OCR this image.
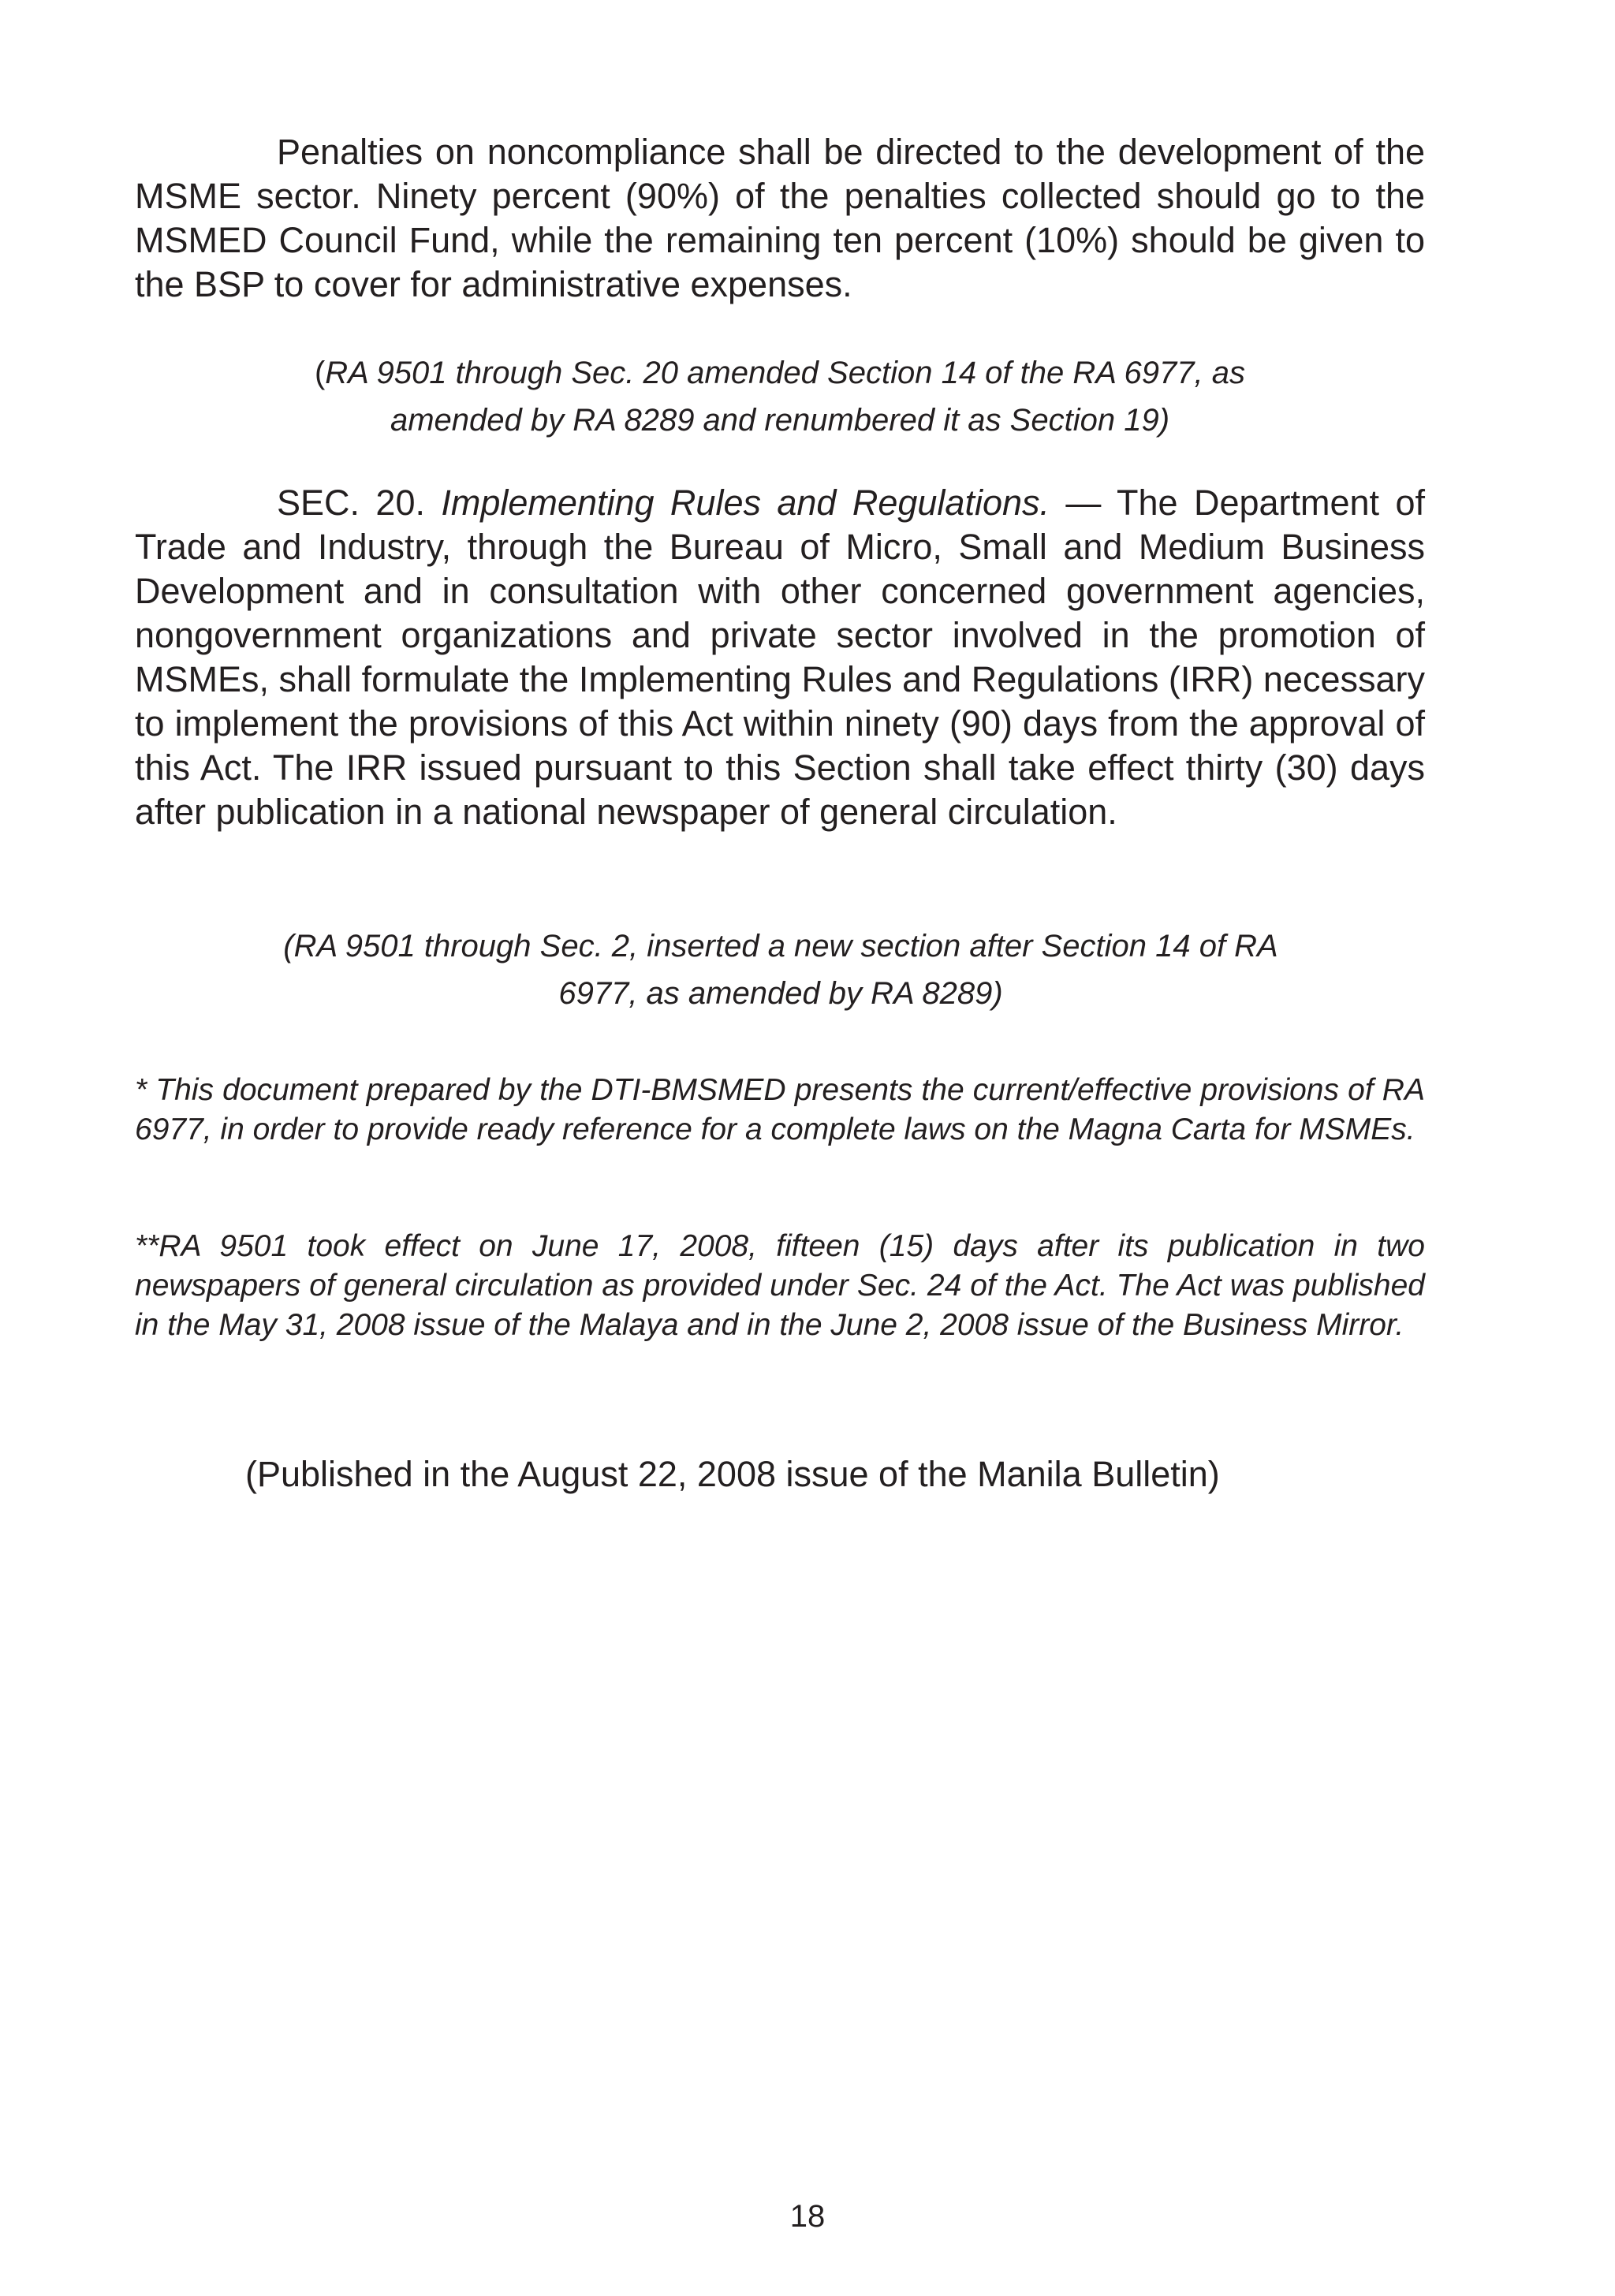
Penalties on noncompliance shall be directed to the development of the MSME sector. Ninety percent (90%) of the penalties collected should go to the MSMED Council Fund, while the remaining ten percent (10%) should be given to the BSP to cover for administrative expenses.

(RA 9501 through Sec. 20 amended Section 14 of the RA 6977, as
amended by RA 8289 and renumbered it as Section 19)

SEC. 20. Implementing Rules and Regulations. — The Department of Trade and Industry, through the Bureau of Micro, Small and Medium Business Development and in consultation with other concerned government agencies, nongovernment organizations and private sector involved in the promotion of MSMEs, shall formulate the Implementing Rules and Regulations (IRR) necessary to implement the provisions of this Act within ninety (90) days from the approval of this Act. The IRR issued pursuant to this Section shall take effect thirty (30) days after publication in a national newspaper of general circulation.

(RA 9501 through Sec. 2, inserted a new section after Section 14 of RA
6977, as amended by RA 8289)

* This document prepared by the DTI-BMSMED presents the current/effective provisions of RA 6977, in order to provide ready reference for a complete laws on the Magna Carta for MSMEs.

**RA 9501 took effect on June 17, 2008, fifteen (15) days after its publication in two newspapers of general circulation as provided under Sec. 24 of the Act. The Act was published in the May 31, 2008 issue of the Malaya and in the June 2, 2008 issue of the Business Mirror.

(Published in the August 22, 2008 issue of the Manila Bulletin)

18
